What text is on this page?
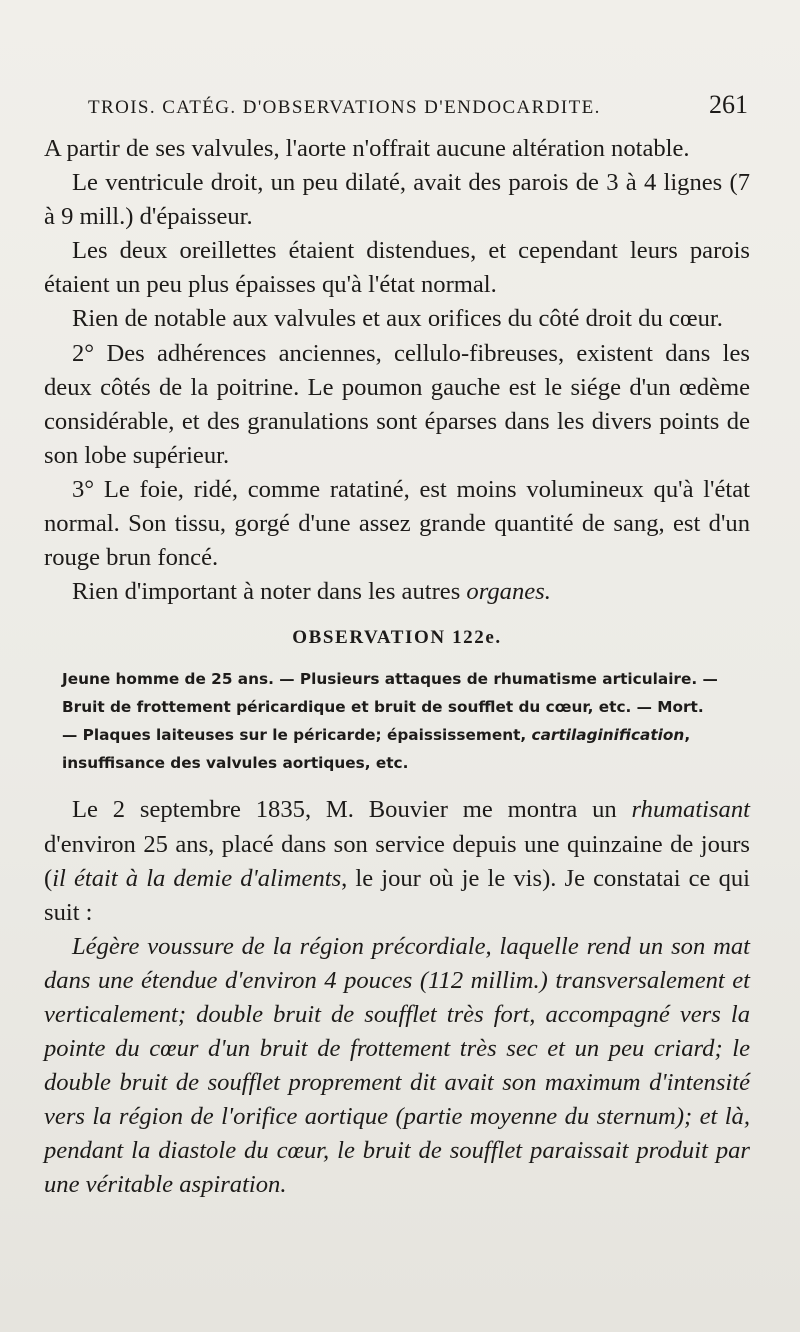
TROIS. CATÉG. D'OBSERVATIONS D'ENDOCARDITE.	261

A partir de ses valvules, l'aorte n'offrait aucune altération notable.

Le ventricule droit, un peu dilaté, avait des parois de 3 à 4 lignes (7 à 9 mill.) d'épaisseur.

Les deux oreillettes étaient distendues, et cependant leurs parois étaient un peu plus épaisses qu'à l'état normal.

Rien de notable aux valvules et aux orifices du côté droit du cœur.

2° Des adhérences anciennes, cellulo-fibreuses, existent dans les deux côtés de la poitrine. Le poumon gauche est le siége d'un œdème considérable, et des granulations sont éparses dans les divers points de son lobe supérieur.

3° Le foie, ridé, comme ratatiné, est moins volumineux qu'à l'état normal. Son tissu, gorgé d'une assez grande quantité de sang, est d'un rouge brun foncé.

Rien d'important à noter dans les autres organes.

OBSERVATION 122e.
Jeune homme de 25 ans. — Plusieurs attaques de rhumatisme articulaire. —
Bruit de frottement péricardique et bruit de soufflet du cœur, etc. — Mort.
— Plaques laiteuses sur le péricarde; épaississement, cartilaginification,
insuffisance des valvules aortiques, etc.

Le 2 septembre 1835, M. Bouvier me montra un rhumatisant d'environ 25 ans, placé dans son service depuis une quinzaine de jours (il était à la demie d'aliments, le jour où je le vis). Je constatai ce qui suit :

Légère voussure de la région précordiale, laquelle rend un son mat dans une étendue d'environ 4 pouces (112 millim.) transversalement et verticalement; double bruit de soufflet très fort, accompagné vers la pointe du cœur d'un bruit de frottement très sec et un peu criard; le double bruit de soufflet proprement dit avait son maximum d'intensité vers la région de l'orifice aortique (partie moyenne du sternum); et là, pendant la diastole du cœur, le bruit de soufflet paraissait produit par une véritable aspiration.
